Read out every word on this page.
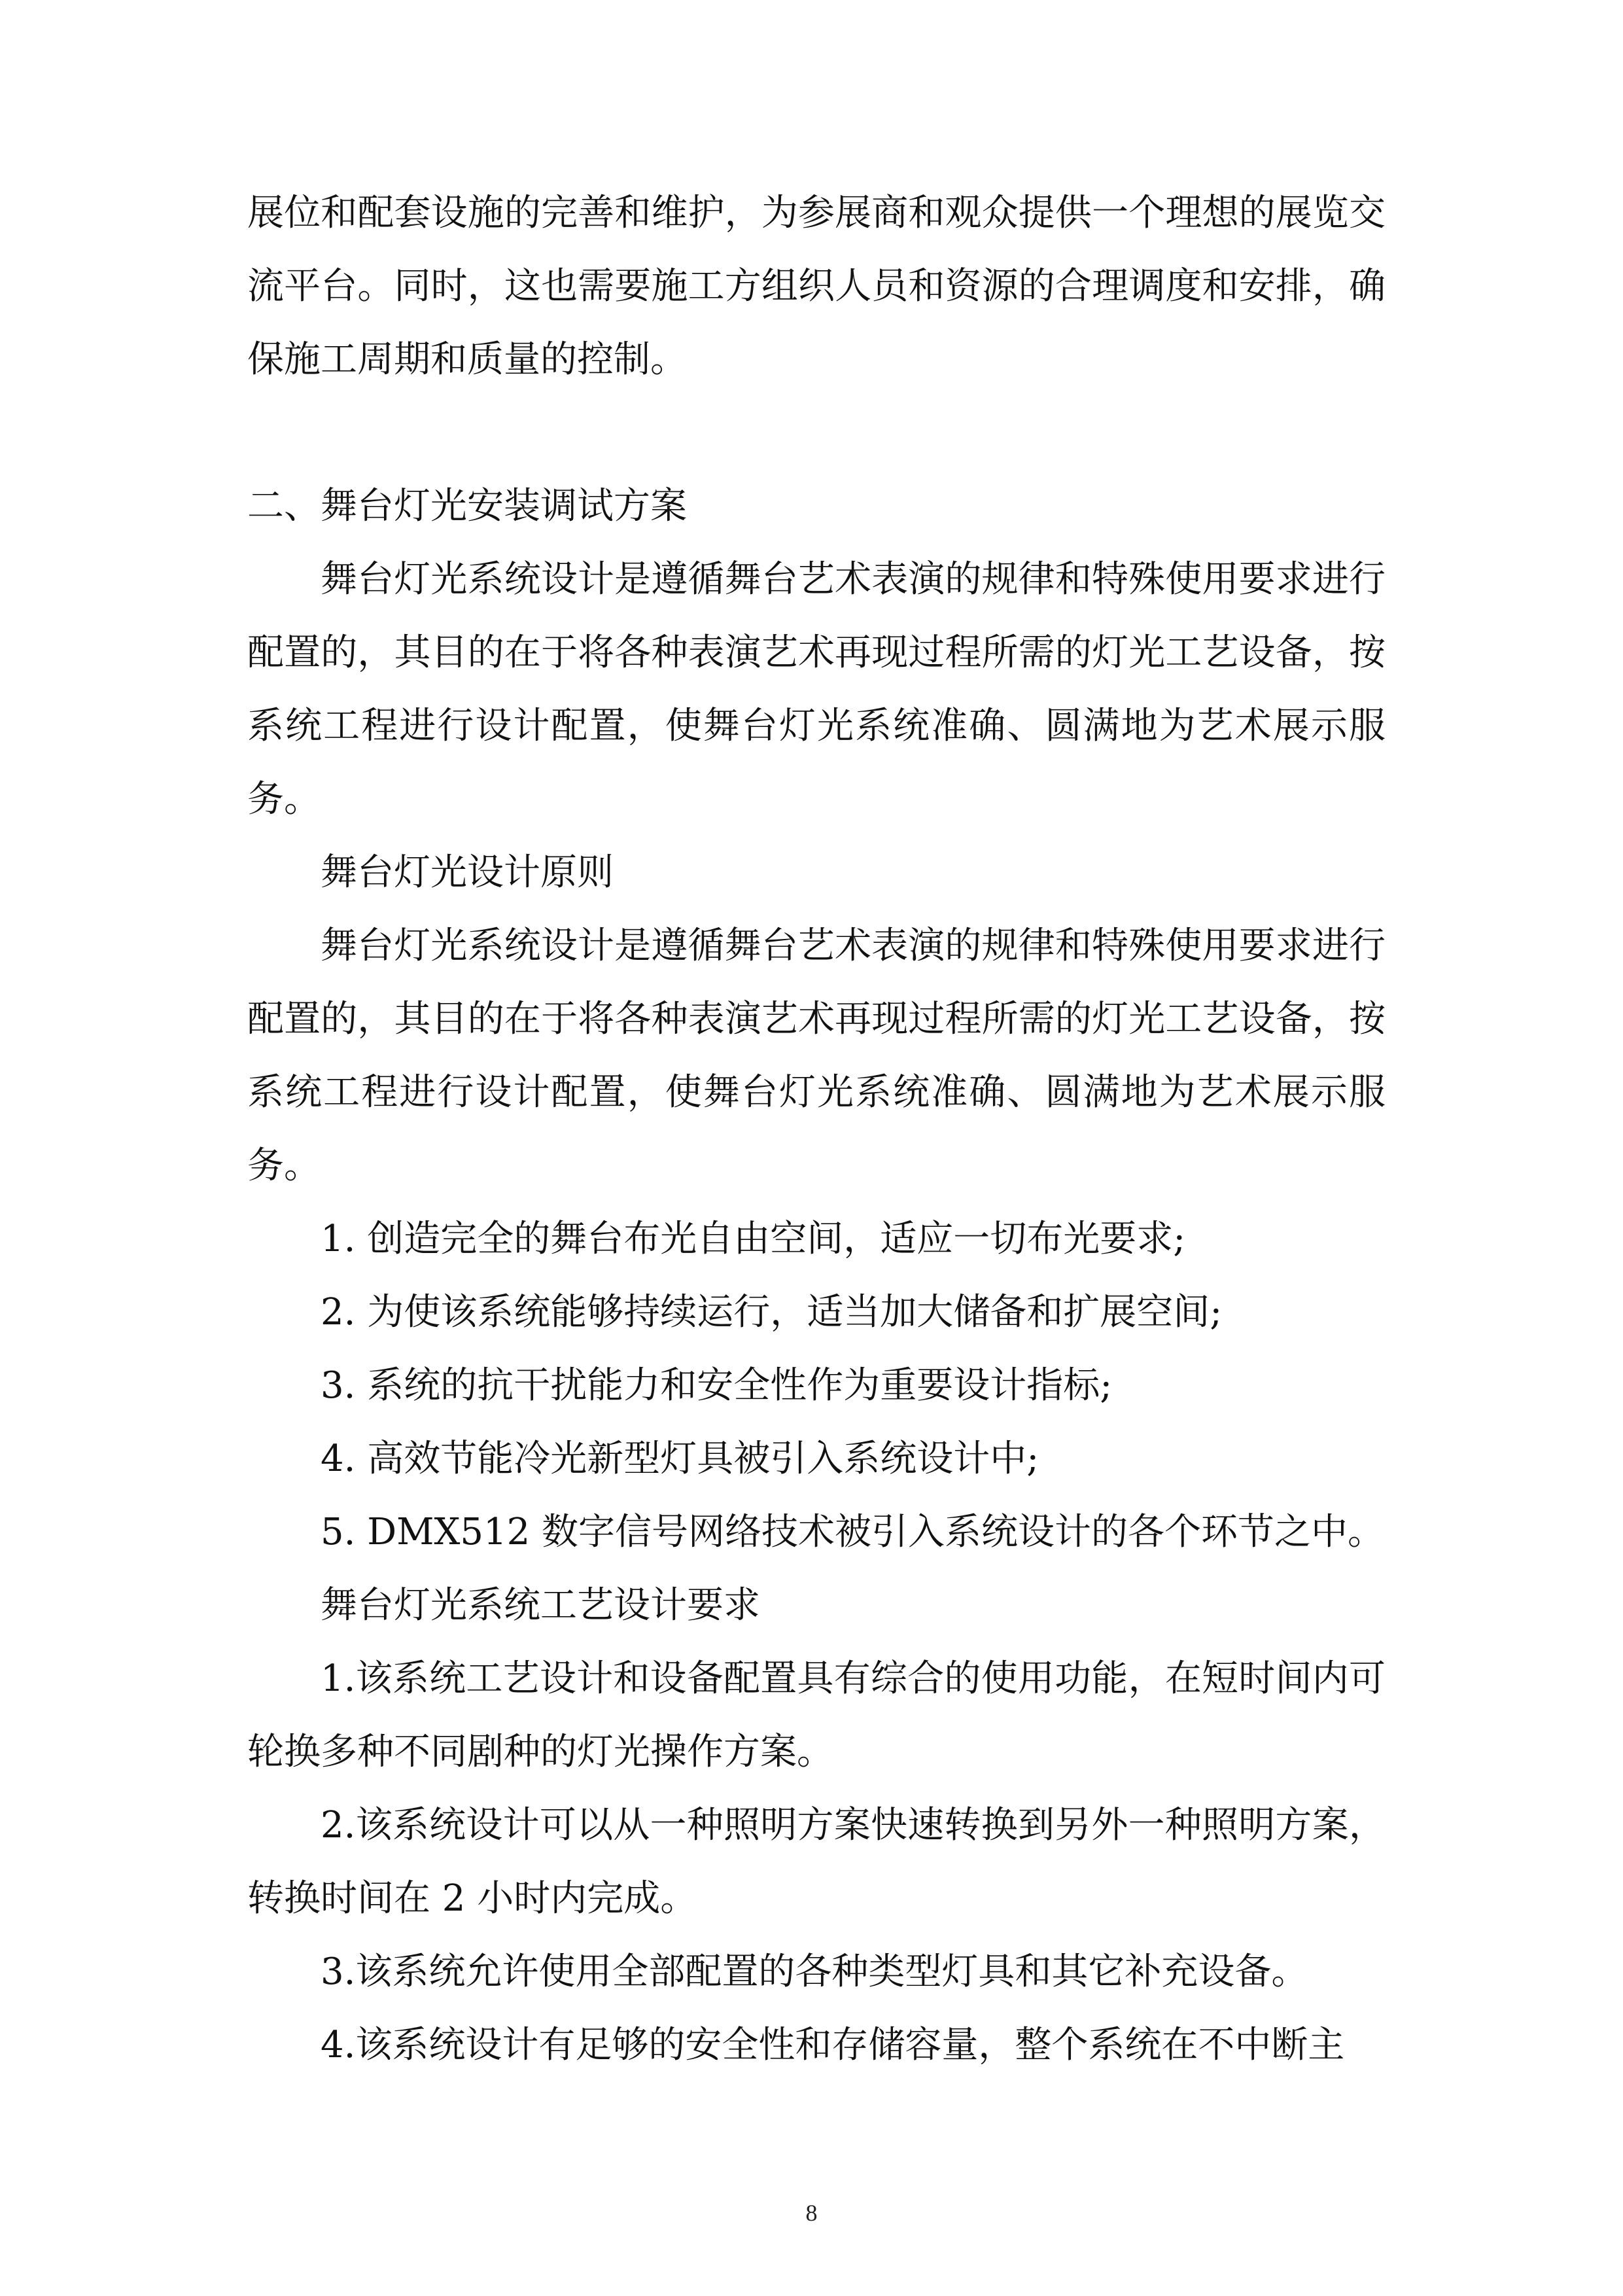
展位和配套设施的完善和维护，为参展商和观众提供一个理想的展览交流平台。同时，这也需要施工方组织人员和资源的合理调度和安排，确保施工周期和质量的控制。

二、舞台灯光安装调试方案

舞台灯光系统设计是遵循舞台艺术表演的规律和特殊使用要求进行配置的，其目的在于将各种表演艺术再现过程所需的灯光工艺设备，按系统工程进行设计配置，使舞台灯光系统准确、圆满地为艺术展示服务。

舞台灯光设计原则

舞台灯光系统设计是遵循舞台艺术表演的规律和特殊使用要求进行配置的，其目的在于将各种表演艺术再现过程所需的灯光工艺设备，按系统工程进行设计配置，使舞台灯光系统准确、圆满地为艺术展示服务。

1. 创造完全的舞台布光自由空间，适应一切布光要求;

2. 为使该系统能够持续运行，适当加大储备和扩展空间;

3. 系统的抗干扰能力和安全性作为重要设计指标;

4. 高效节能冷光新型灯具被引入系统设计中;

5. DMX512 数字信号网络技术被引入系统设计的各个环节之中。

舞台灯光系统工艺设计要求

1.该系统工艺设计和设备配置具有综合的使用功能，在短时间内可轮换多种不同剧种的灯光操作方案。

2.该系统设计可以从一种照明方案快速转换到另外一种照明方案，转换时间在 2 小时内完成。

3.该系统允许使用全部配置的各种类型灯具和其它补充设备。

4.该系统设计有足够的安全性和存储容量，整个系统在不中断主

8
